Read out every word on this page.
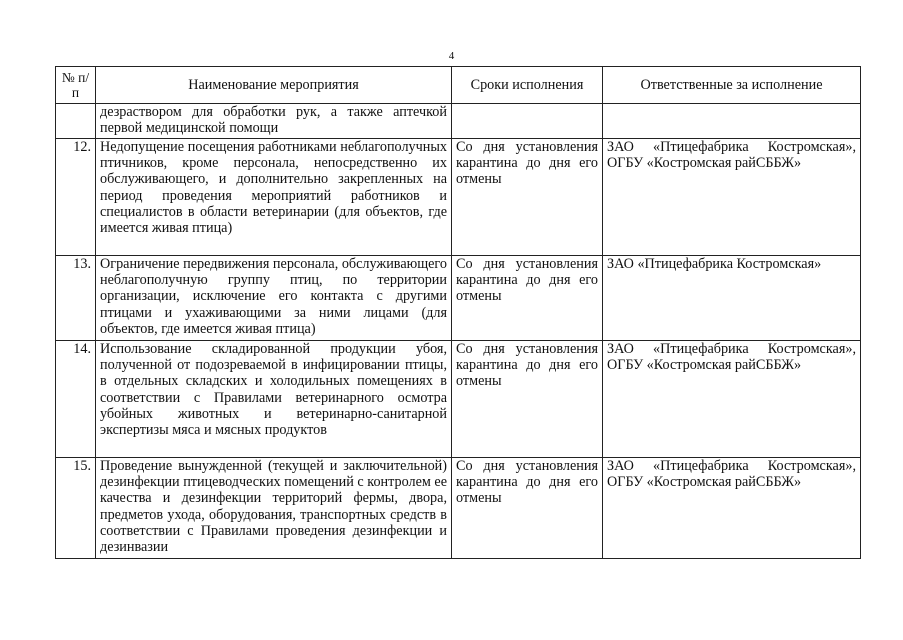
4
№ п/п	Наименование мероприятия	Сроки исполнения	Ответственные за исполнение
	дезраствором для обработки рук, а также аптечкой первой медицинской помощи		
12.	Недопущение посещения работниками неблагополучных птичников, кроме персонала, непосредственно их обслуживающего, и дополнительно закрепленных на период проведения мероприятий работников и специалистов в области ветеринарии (для объектов, где имеется живая птица)	Со дня установления карантина до дня его отмены	ЗАО «Птицефабрика Костромская», ОГБУ «Костромская райСББЖ»
13.	Ограничение передвижения персонала, обслуживающего неблагополучную группу птиц, по территории организации, исключение его контакта с другими птицами и ухаживающими за ними лицами (для объектов, где имеется живая птица)	Со дня установления карантина до дня его отмены	ЗАО «Птицефабрика Костромская»
14.	Использование складированной продукции убоя, полученной от подозреваемой в инфицировании птицы, в отдельных складских и холодильных помещениях в соответствии с Правилами ветеринарного осмотра убойных животных и ветеринарно-санитарной экспертизы мяса и мясных продуктов	Со дня установления карантина до дня его отмены	ЗАО «Птицефабрика Костромская», ОГБУ «Костромская райСББЖ»
15.	Проведение вынужденной (текущей и заключительной) дезинфекции птицеводческих помещений с контролем ее качества и дезинфекции территорий фермы, двора, предметов ухода, оборудования, транспортных средств в соответствии с Правилами проведения дезинфекции и дезинвазии	Со дня установления карантина до дня его отмены	ЗАО «Птицефабрика Костромская», ОГБУ «Костромская райСББЖ»
